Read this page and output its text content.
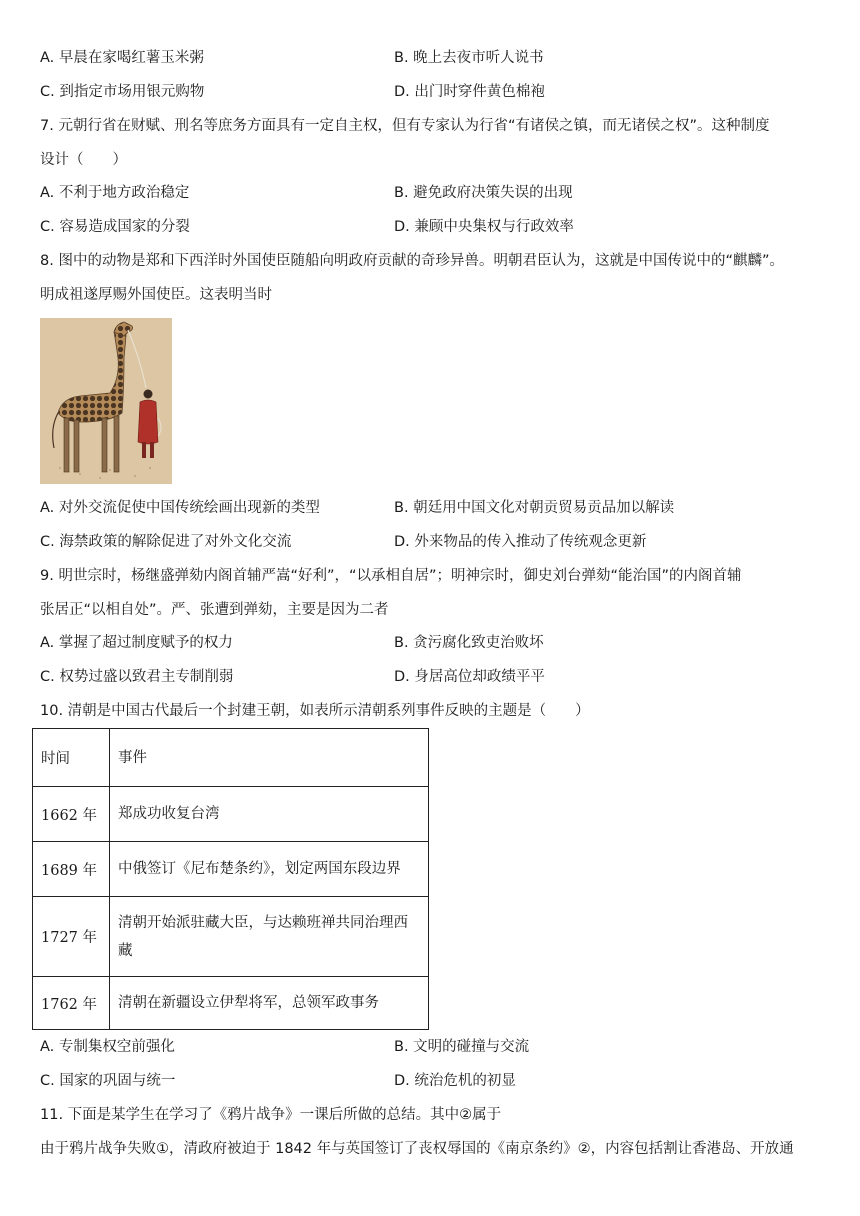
A. 早晨在家喝红薯玉米粥	B. 晚上去夜市听人说书
C. 到指定市场用银元购物	D. 出门时穿件黄色棉袍
7. 元朝行省在财赋、刑名等庶务方面具有一定自主权，但有专家认为行省“有诸侯之镇，而无诸侯之权”。这种制度
设计（　　）
A. 不利于地方政治稳定	B. 避免政府决策失误的出现
C. 容易造成国家的分裂	D. 兼顾中央集权与行政效率
8. 图中的动物是郑和下西洋时外国使臣随船向明政府贡献的奇珍异兽。明朝君臣认为，这就是中国传说中的“麒麟”。
明成祖遂厚赐外国使臣。这表明当时
A. 对外交流促使中国传统绘画出现新的类型	B. 朝廷用中国文化对朝贡贸易贡品加以解读
C. 海禁政策的解除促进了对外文化交流	D. 外来物品的传入推动了传统观念更新
9. 明世宗时，杨继盛弹劾内阁首辅严嵩“好利”，“以承相自居”；明神宗时，御史刘台弹劾“能治国”的内阁首辅
张居正“以相自处”。严、张遭到弹劾，主要是因为二者
A. 掌握了超过制度赋予的权力	B. 贪污腐化致吏治败坏
C. 权势过盛以致君主专制削弱	D. 身居高位却政绩平平
10. 清朝是中国古代最后一个封建王朝，如表所示清朝系列事件反映的主题是（　　）
时间	事件
1662 年	郑成功收复台湾
1689 年	中俄签订《尼布楚条约》，划定两国东段边界
1727 年	清朝开始派驻藏大臣，与达赖班禅共同治理西藏
1762 年	清朝在新疆设立伊犁将军，总领军政事务
A. 专制集权空前强化	B. 文明的碰撞与交流
C. 国家的巩固与统一	D. 统治危机的初显
11. 下面是某学生在学习了《鸦片战争》一课后所做的总结。其中②属于
由于鸦片战争失败①，清政府被迫于 1842 年与英国签订了丧权辱国的《南京条约》②，内容包括割让香港岛、开放通
